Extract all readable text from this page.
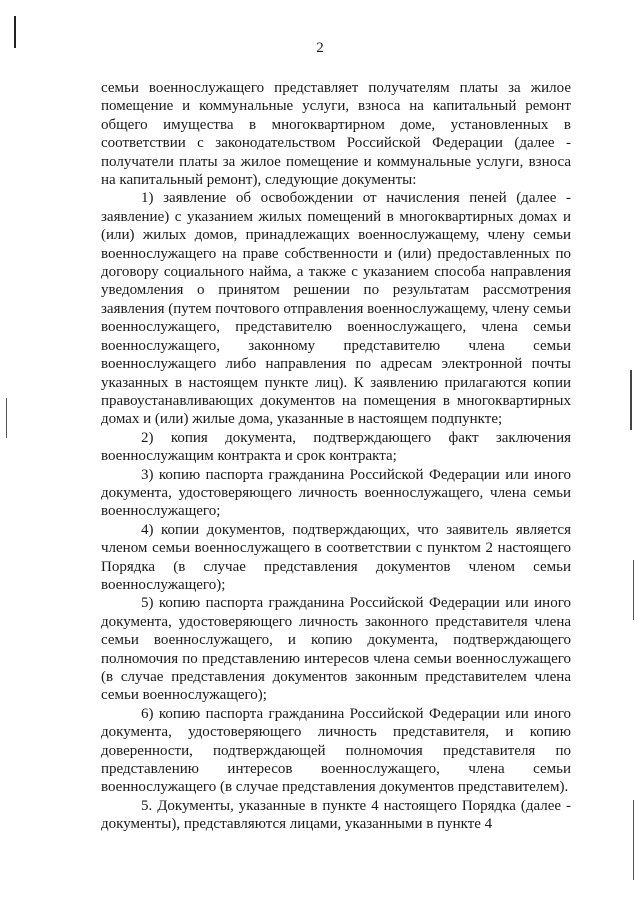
2

семьи военнослужащего представляет получателям платы за жилое помещение и коммунальные услуги, взноса на капитальный ремонт общего имущества в многоквартирном доме, установленных в соответствии с законодательством Российской Федерации (далее - получатели платы за жилое помещение и коммунальные услуги, взноса на капитальный ремонт), следующие документы:

1) заявление об освобождении от начисления пеней (далее - заявление) с указанием жилых помещений в многоквартирных домах и (или) жилых домов, принадлежащих военнослужащему, члену семьи военнослужащего на праве собственности и (или) предоставленных по договору социального найма, а также с указанием способа направления уведомления о принятом решении по результатам рассмотрения заявления (путем почтового отправления военнослужащему, члену семьи военнослужащего, представителю военнослужащего, члена семьи военнослужащего, законному представителю члена семьи военнослужащего либо направления по адресам электронной почты указанных в настоящем пункте лиц). К заявлению прилагаются копии правоустанавливающих документов на помещения в многоквартирных домах и (или) жилые дома, указанные в настоящем подпункте;

2) копия документа, подтверждающего факт заключения военнослужащим контракта и срок контракта;

3) копию паспорта гражданина Российской Федерации или иного документа, удостоверяющего личность военнослужащего, члена семьи военнослужащего;

4) копии документов, подтверждающих, что заявитель является членом семьи военнослужащего в соответствии с пунктом 2 настоящего Порядка (в случае представления документов членом семьи военнослужащего);

5) копию паспорта гражданина Российской Федерации или иного документа, удостоверяющего личность законного представителя члена семьи военнослужащего, и копию документа, подтверждающего полномочия по представлению интересов члена семьи военнослужащего (в случае представления документов законным представителем члена семьи военнослужащего);

6) копию паспорта гражданина Российской Федерации или иного документа, удостоверяющего личность представителя, и копию доверенности, подтверждающей полномочия представителя по представлению интересов военнослужащего, члена семьи военнослужащего (в случае представления документов представителем).

5. Документы, указанные в пункте 4 настоящего Порядка (далее - документы), представляются лицами, указанными в пункте 4
